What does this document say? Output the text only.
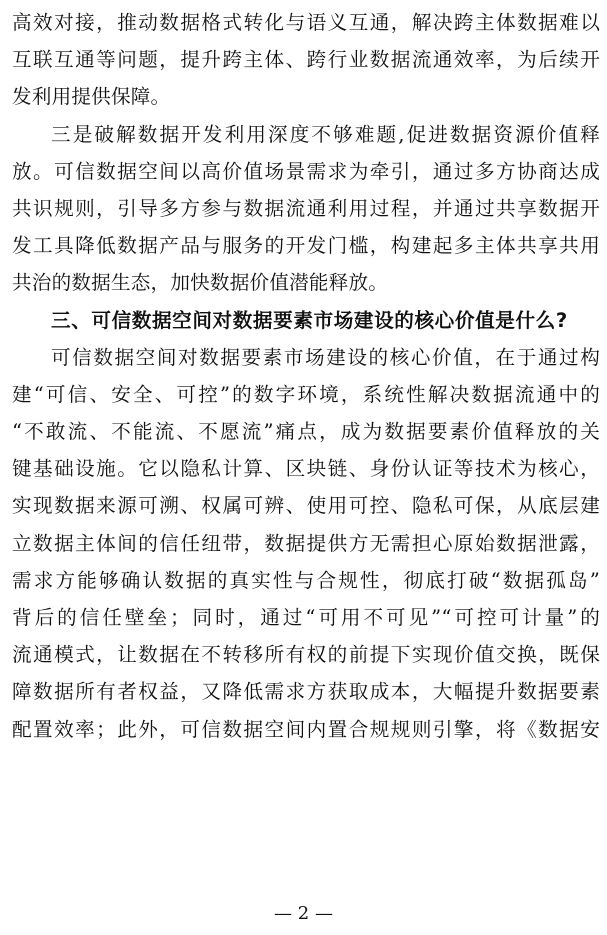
高效对接，推动数据格式转化与语义互通，解决跨主体数据难以
互联互通等问题，提升跨主体、跨行业数据流通效率，为后续开
发利用提供保障。
三是破解数据开发利用深度不够难题,促进数据资源价值释
放。可信数据空间以高价值场景需求为牵引，通过多方协商达成
共识规则，引导多方参与数据流通利用过程，并通过共享数据开
发工具降低数据产品与服务的开发门槛，构建起多主体共享共用
共治的数据生态，加快数据价值潜能释放。
三、可信数据空间对数据要素市场建设的核心价值是什么?
可信数据空间对数据要素市场建设的核心价值，在于通过构
建“可信、安全、可控”的数字环境，系统性解决数据流通中的
“不敢流、不能流、不愿流”痛点，成为数据要素价值释放的关
键基础设施。它以隐私计算、区块链、身份认证等技术为核心，
实现数据来源可溯、权属可辨、使用可控、隐私可保，从底层建
立数据主体间的信任纽带，数据提供方无需担心原始数据泄露，
需求方能够确认数据的真实性与合规性，彻底打破“数据孤岛”
背后的信任壁垒；同时，通过“可用不可见”“可控可计量”的
流通模式，让数据在不转移所有权的前提下实现价值交换，既保
障数据所有者权益，又降低需求方获取成本，大幅提升数据要素
配置效率；此外，可信数据空间内置合规规则引擎，将《数据安
— 2 —
